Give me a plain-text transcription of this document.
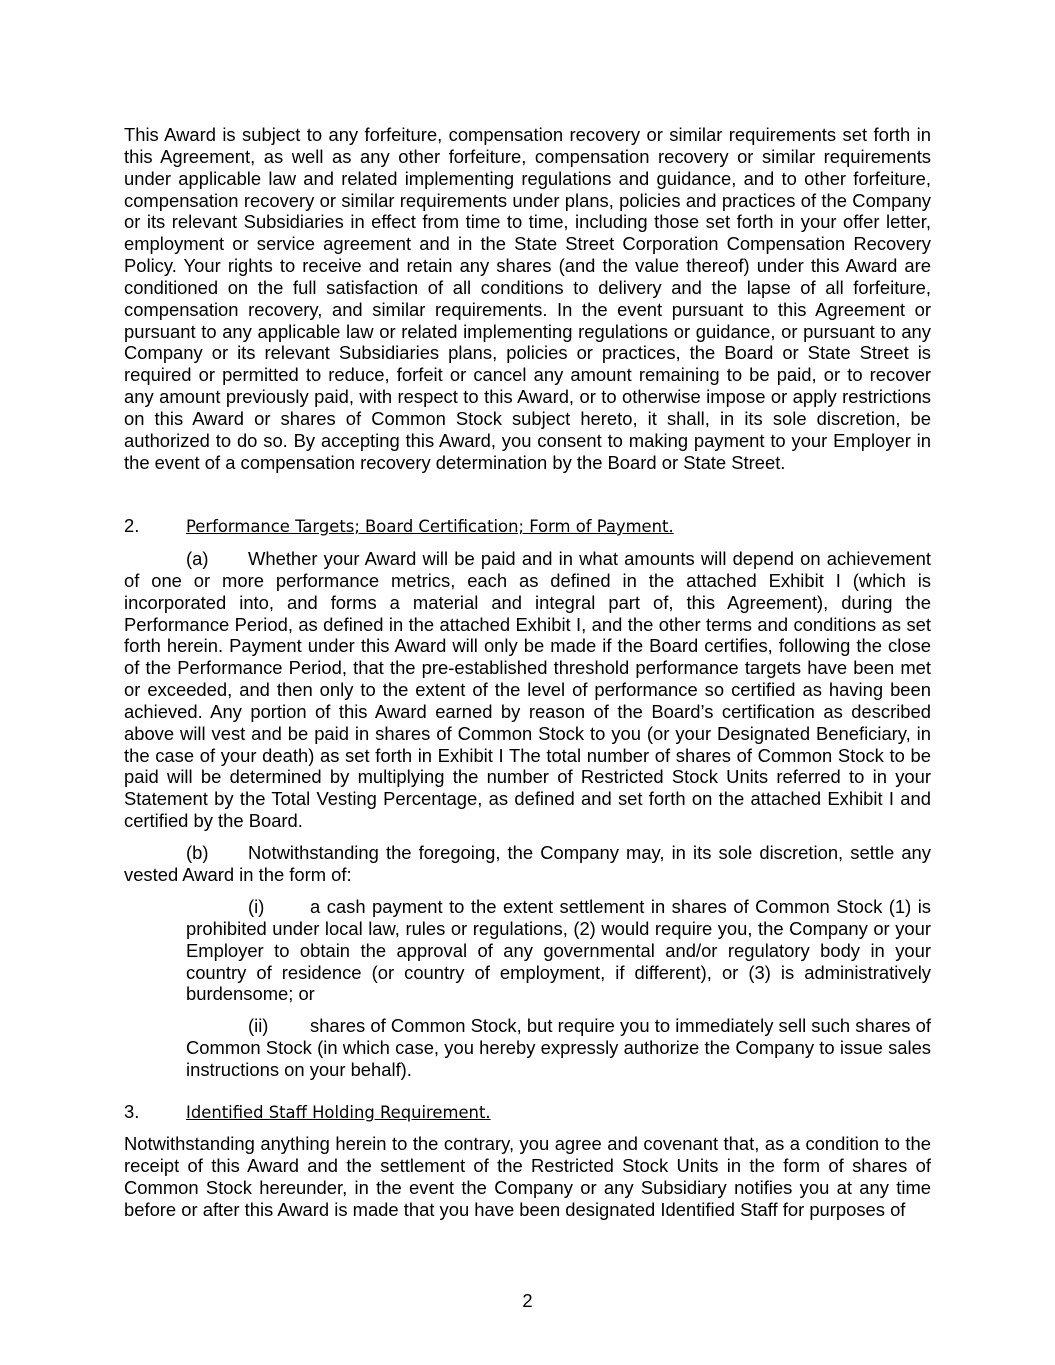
This Award is subject to any forfeiture, compensation recovery or similar requirements set forth in this Agreement, as well as any other forfeiture, compensation recovery or similar requirements under applicable law and related implementing regulations and guidance, and to other forfeiture, compensation recovery or similar requirements under plans, policies and practices of the Company or its relevant Subsidiaries in effect from time to time, including those set forth in your offer letter, employment or service agreement and in the State Street Corporation Compensation Recovery Policy. Your rights to receive and retain any shares (and the value thereof) under this Award are conditioned on the full satisfaction of all conditions to delivery and the lapse of all forfeiture, compensation recovery, and similar requirements. In the event pursuant to this Agreement or pursuant to any applicable law or related implementing regulations or guidance, or pursuant to any Company or its relevant Subsidiaries plans, policies or practices, the Board or State Street is required or permitted to reduce, forfeit or cancel any amount remaining to be paid, or to recover any amount previously paid, with respect to this Award, or to otherwise impose or apply restrictions on this Award or shares of Common Stock subject hereto, it shall, in its sole discretion, be authorized to do so. By accepting this Award, you consent to making payment to your Employer in the event of a compensation recovery determination by the Board or State Street.

2.	Performance Targets; Board Certification; Form of Payment.

(a) Whether your Award will be paid and in what amounts will depend on achievement of one or more performance metrics, each as defined in the attached Exhibit I (which is incorporated into, and forms a material and integral part of, this Agreement), during the Performance Period, as defined in the attached Exhibit I, and the other terms and conditions as set forth herein. Payment under this Award will only be made if the Board certifies, following the close of the Performance Period, that the pre-established threshold performance targets have been met or exceeded, and then only to the extent of the level of performance so certified as having been achieved. Any portion of this Award earned by reason of the Board’s certification as described above will vest and be paid in shares of Common Stock to you (or your Designated Beneficiary, in the case of your death) as set forth in Exhibit I The total number of shares of Common Stock to be paid will be determined by multiplying the number of Restricted Stock Units referred to in your Statement by the Total Vesting Percentage, as defined and set forth on the attached Exhibit I and certified by the Board.

(b) Notwithstanding the foregoing, the Company may, in its sole discretion, settle any vested Award in the form of:

(i) a cash payment to the extent settlement in shares of Common Stock (1) is prohibited under local law, rules or regulations, (2) would require you, the Company or your Employer to obtain the approval of any governmental and/or regulatory body in your country of residence (or country of employment, if different), or (3) is administratively burdensome; or

(ii) shares of Common Stock, but require you to immediately sell such shares of Common Stock (in which case, you hereby expressly authorize the Company to issue sales instructions on your behalf).

3.	Identified Staff Holding Requirement.

Notwithstanding anything herein to the contrary, you agree and covenant that, as a condition to the receipt of this Award and the settlement of the Restricted Stock Units in the form of shares of Common Stock hereunder, in the event the Company or any Subsidiary notifies you at any time before or after this Award is made that you have been designated Identified Staff for purposes of

2
